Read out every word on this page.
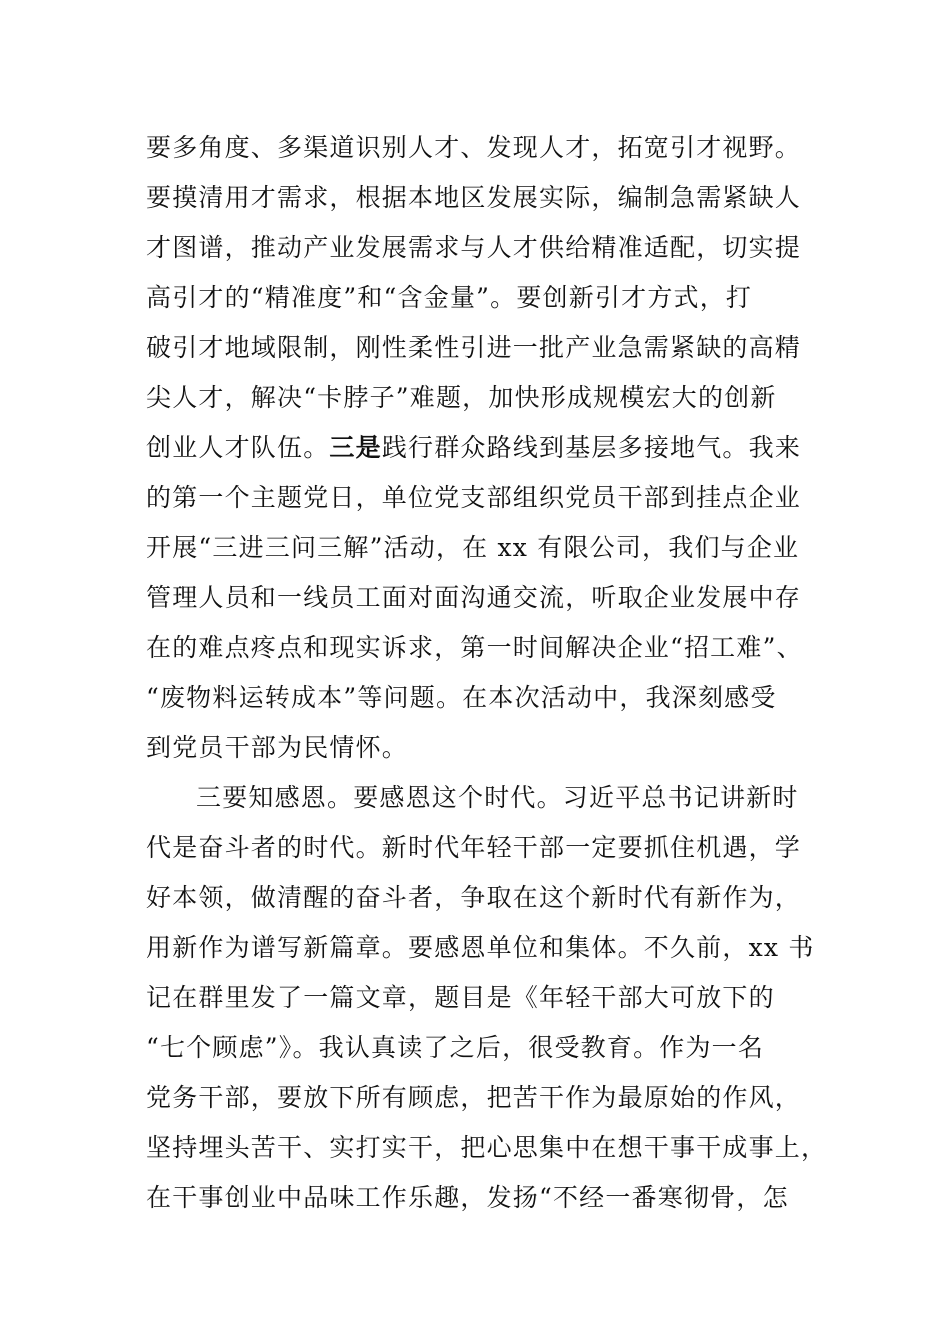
要多角度、多渠道识别人才、发现人才，拓宽引才视野。
要摸清用才需求，根据本地区发展实际，编制急需紧缺人
才图谱，推动产业发展需求与人才供给精准适配，切实提
高引才的“精准度”和“含金量”。要创新引才方式，打
破引才地域限制，刚性柔性引进一批产业急需紧缺的高精
尖人才，解决“卡脖子”难题，加快形成规模宏大的创新
创业人才队伍。三是践行群众路线到基层多接地气。我来
的第一个主题党日，单位党支部组织党员干部到挂点企业
开展“三进三问三解”活动，在 xx 有限公司，我们与企业
管理人员和一线员工面对面沟通交流，听取企业发展中存
在的难点疼点和现实诉求，第一时间解决企业“招工难”、
“废物料运转成本”等问题。在本次活动中，我深刻感受
到党员干部为民情怀。
三要知感恩。要感恩这个时代。习近平总书记讲新时
代是奋斗者的时代。新时代年轻干部一定要抓住机遇，学
好本领，做清醒的奋斗者，争取在这个新时代有新作为，
用新作为谱写新篇章。要感恩单位和集体。不久前，xx 书
记在群里发了一篇文章，题目是《年轻干部大可放下的
“七个顾虑”》。我认真读了之后，很受教育。作为一名
党务干部，要放下所有顾虑，把苦干作为最原始的作风，
坚持埋头苦干、实打实干，把心思集中在想干事干成事上，
在干事创业中品味工作乐趣，发扬“不经一番寒彻骨，怎
